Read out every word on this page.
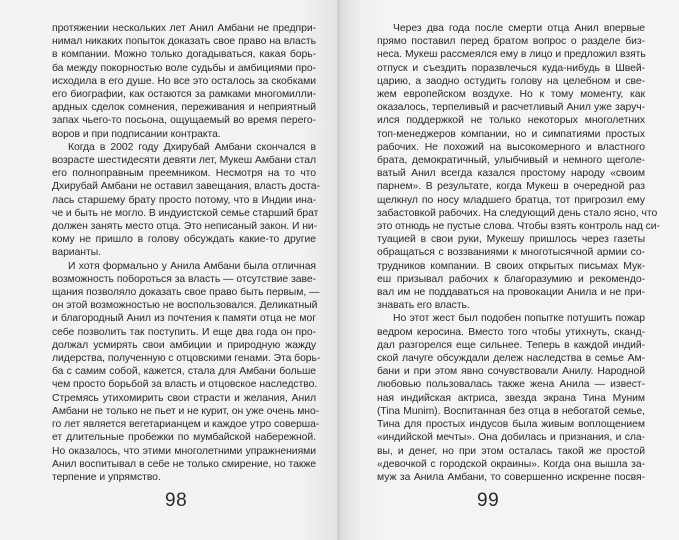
протяжении нескольких лет Анил Амбани не предпри-
нимал никаких попыток доказать свое право на власть
в компании. Можно только догадываться, какая борь-
ба между покорностью воле судьбы и амбициями про-
исходила в его душе. Но все это осталось за скобками
его биографии, как остаются за рамками многомилли-
ардных сделок сомнения, переживания и неприятный
запах чьего-то посьона, ощущаемый во время перего-
воров и при подписании контракта.
Когда в 2002 году Дхирубай Амбани скончался в
возрасте шестидесяти девяти лет, Мукеш Амбани стал
его полноправным преемником. Несмотря на то что
Дхирубай Амбани не оставил завещания, власть доста-
лась старшему брату просто потому, что в Индии ина-
че и быть не могло. В индуистской семье старший брат
должен занять место отца. Это неписаный закон. И ни-
кому не пришло в голову обсуждать какие-то другие
варианты.
И хотя формально у Анила Амбани была отличная
возможность побороться за власть — отсутствие заве-
щания позволяло доказать свое право быть первым, —
он этой возможностью не воспользовался. Деликатный
и благородный Анил из почтения к памяти отца не мог
себе позволить так поступить. И еще два года он про-
должал усмирять свои амбиции и природную жажду
лидерства, полученную с отцовскими генами. Эта борь-
ба с самим собой, кажется, стала для Амбани больше
чем просто борьбой за власть и отцовское наследство.
Стремясь утихомирить свои страсти и желания, Анил
Амбани не только не пьет и не курит, он уже очень мно-
го лет является вегетарианцем и каждое утро соверша-
ет длительные пробежки по мумбайской набережной.
Но оказалось, что этими многолетними упражнениями
Анил воспитывал в себе не только смирение, но также
терпение и упрямство.
98
Через два года после смерти отца Анил впервые
прямо поставил перед братом вопрос о разделе биз-
неса. Мукеш рассмеялся ему в лицо и предложил взять
отпуск и съездить поразвлечься куда-нибудь в Швей-
царию, а заодно остудить голову на целебном и све-
жем европейском воздухе. Но к тому моменту, как
оказалось, терпеливый и расчетливый Анил уже заруч-
ился поддержкой не только некоторых многолетних
топ-менеджеров компании, но и симпатиями простых
рабочих. Не похожий на высокомерного и властного
брата, демократичный, улыбчивый и немного щеголе-
ватый Анил всегда казался простому народу «своим
парнем». В результате, когда Мукеш в очередной раз
щелкнул по носу младшего братца, тот пригрозил ему
забастовкой рабочих. На следующий день стало ясно, что
это отнюдь не пустые слова. Чтобы взять контроль над си-
туацией в свои руки, Мукешу пришлось через газеты
обращаться с воззваниями к многотысячной армии со-
трудников компании. В своих открытых письмах Мук-
еш призывал рабочих к благоразумию и рекомендо-
вал им не поддаваться на провокации Анила и не при-
знавать его власть.
Но этот жест был подобен попытке потушить пожар
ведром керосина. Вместо того чтобы утихнуть, сканд-
дал разгорелся еще сильнее. Теперь в каждой индий-
ской лачуге обсуждали дележ наследства в семье Ам-
бани и при этом явно сочувствовали Анилу. Народной
любовью пользовалась также жена Анила — извест-
ная индийская актриса, звезда экрана Тина Муним
(Tina Munim). Воспитанная без отца в небогатой семье,
Тина для простых индусов была живым воплощением
«индийской мечты». Она добилась и признания, и сла-
вы, и денег, но при этом осталась такой же простой
«девочкой с городской окраины». Когда она вышла за-
муж за Анила Амбани, то совершенно искренне посвя-
99
